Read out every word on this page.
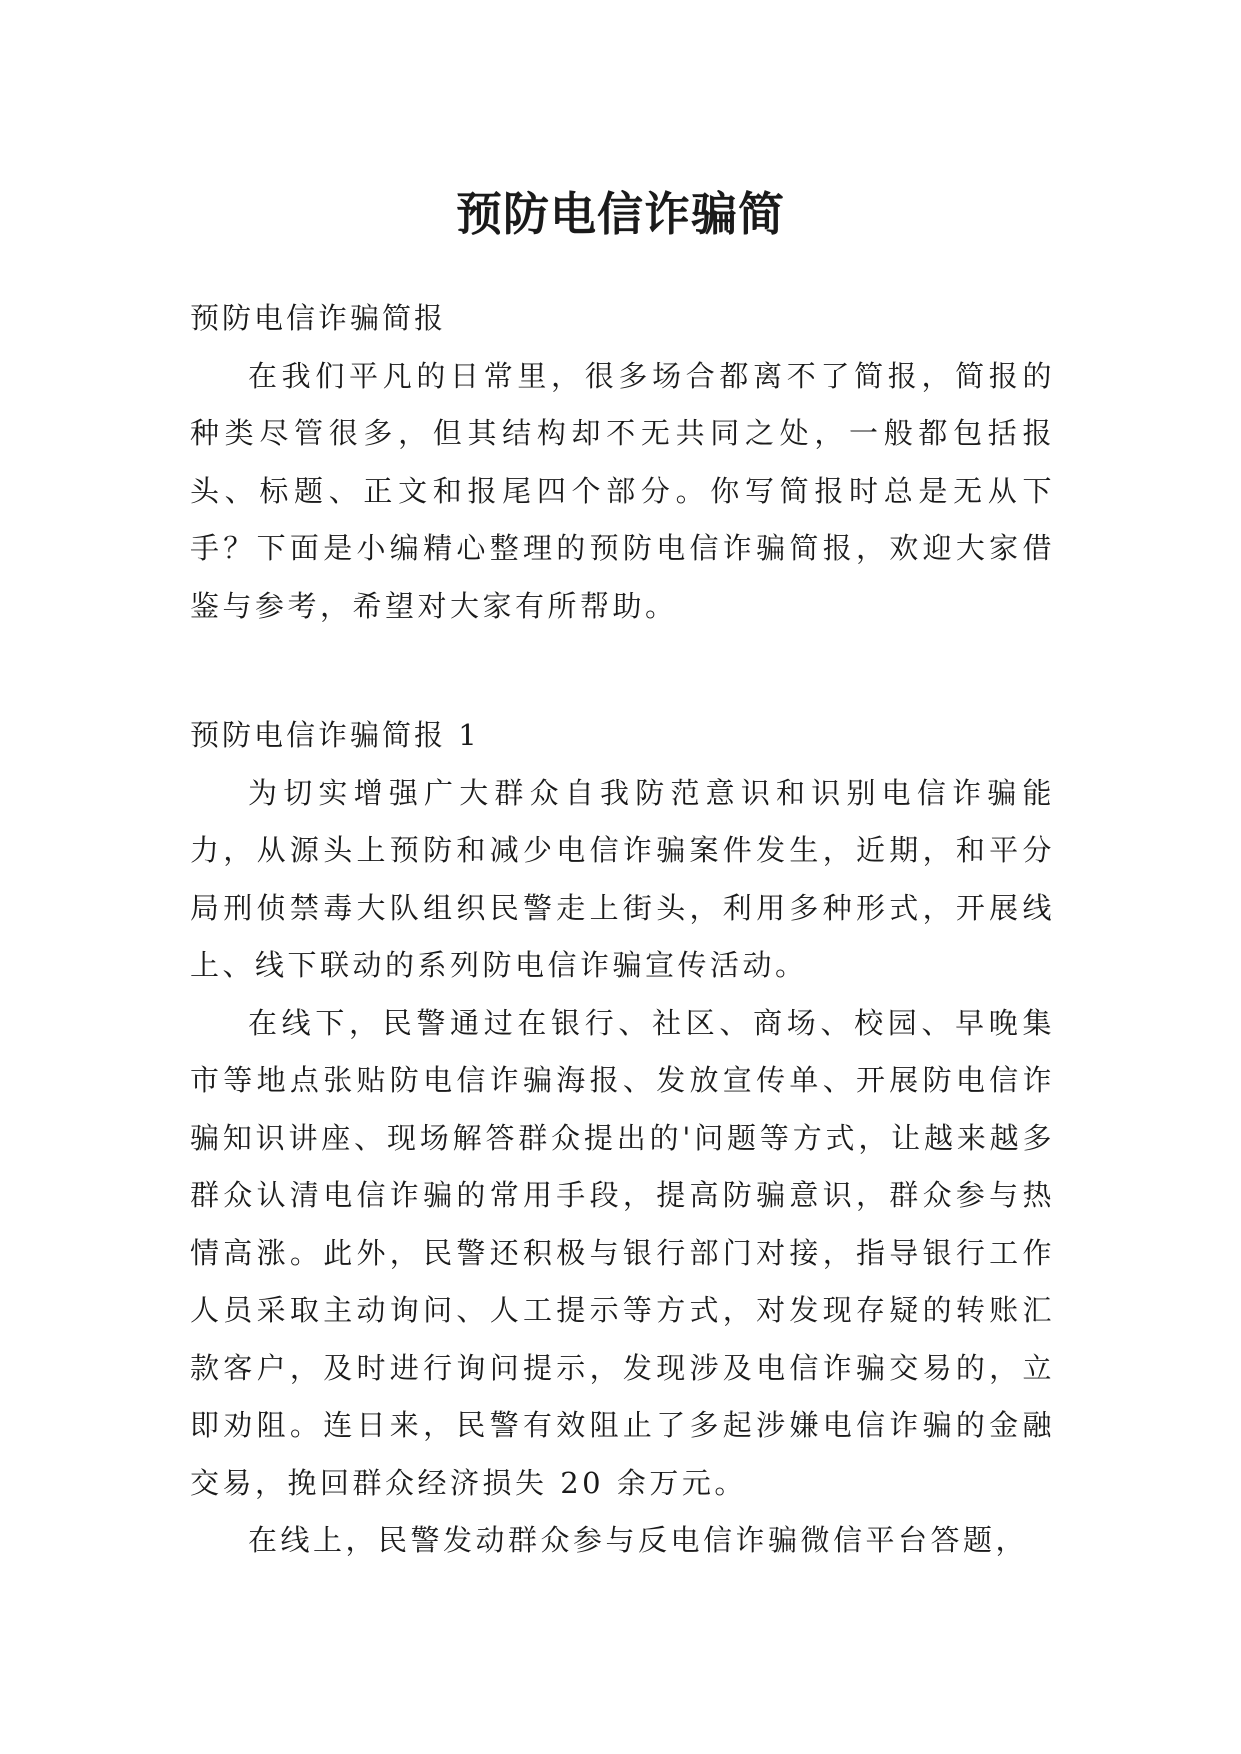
预防电信诈骗简

预防电信诈骗简报

在我们平凡的日常里，很多场合都离不了简报，简报的种类尽管很多，但其结构却不无共同之处，一般都包括报头、标题、正文和报尾四个部分。你写简报时总是无从下手？下面是小编精心整理的预防电信诈骗简报，欢迎大家借鉴与参考，希望对大家有所帮助。

预防电信诈骗简报 1

为切实增强广大群众自我防范意识和识别电信诈骗能力，从源头上预防和减少电信诈骗案件发生，近期，和平分局刑侦禁毒大队组织民警走上街头，利用多种形式，开展线上、线下联动的系列防电信诈骗宣传活动。

在线下，民警通过在银行、社区、商场、校园、早晚集市等地点张贴防电信诈骗海报、发放宣传单、开展防电信诈骗知识讲座、现场解答群众提出的'问题等方式，让越来越多群众认清电信诈骗的常用手段，提高防骗意识，群众参与热情高涨。此外，民警还积极与银行部门对接，指导银行工作人员采取主动询问、人工提示等方式，对发现存疑的转账汇款客户，及时进行询问提示，发现涉及电信诈骗交易的，立即劝阻。连日来，民警有效阻止了多起涉嫌电信诈骗的金融交易，挽回群众经济损失 20 余万元。

在线上，民警发动群众参与反电信诈骗微信平台答题，
